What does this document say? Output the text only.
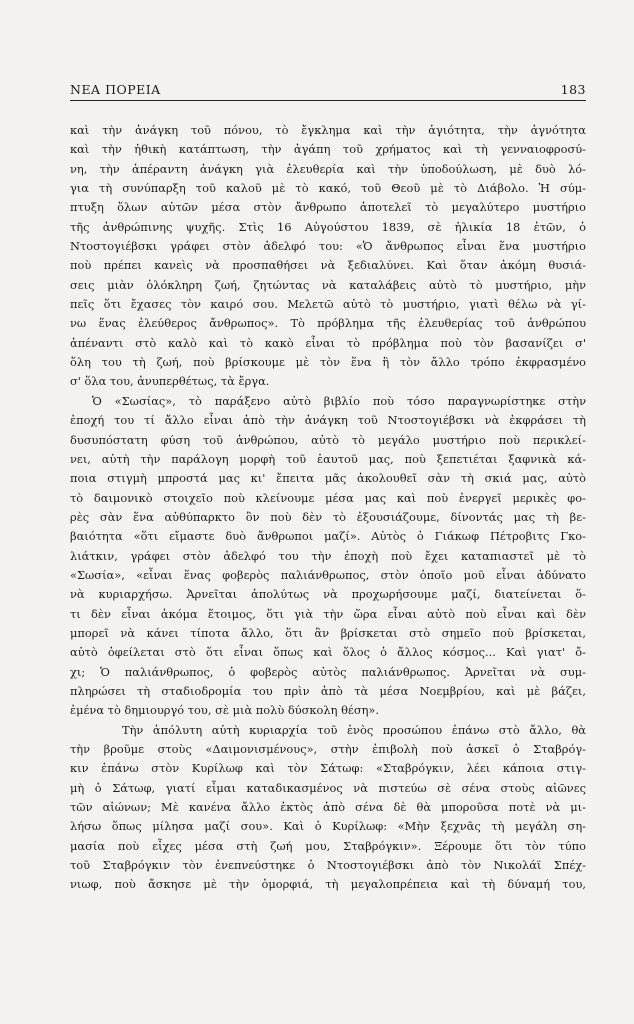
ΝΕΑ ΠΟΡΕΙΑ	183
καὶ τὴν ἀνάγκη τοῦ πόνου, τὸ ἔγκλημα καὶ τὴν ἁγιότητα, τὴν ἀγνότητα
καὶ τὴν ἠθικὴ κατάπτωση, τὴν ἀγάπη τοῦ χρήματος καὶ τὴ γενναιοφροσύ-
νη, τὴν ἀπέραντη ἀνάγκη γιὰ ἐλευθερία καὶ τὴν ὑποδούλωση, μὲ δυὸ λό-
για τὴ συνύπαρξη τοῦ καλοῦ μὲ τὸ κακό, τοῦ Θεοῦ μὲ τὸ Διάβολο. Ἡ σύμ-
πτυξη ὅλων αὐτῶν μέσα στὸν ἄνθρωπο ἀποτελεῖ τὸ μεγαλύτερο μυστήριο
τῆς ἀνθρώπινης ψυχῆς. Στὶς 16 Αὐγούστου 1839, σὲ ἡλικία 18 ἐτῶν, ὁ
Ντοστογιέβσκι γράφει στὸν ἀδελφό του: «Ὁ ἄνθρωπος εἶναι ἕνα μυστήριο
ποὺ πρέπει κανεὶς νὰ προσπαθήσει νὰ ξεδιαλύνει. Καὶ ὅταν ἀκόμη θυσιά-
σεις μιὰν ὁλόκληρη ζωή, ζητώντας νὰ καταλάβεις αὐτὸ τὸ μυστήριο, μὴν
πεῖς ὅτι ἔχασες τὸν καιρό σου. Μελετῶ αὐτὸ τὸ μυστήριο, γιατὶ θέλω νὰ γί-
νω ἕνας ἐλεύθερος ἄνθρωπος». Τὸ πρόβλημα τῆς ἐλευθερίας τοῦ ἀνθρώπου
ἀπέναντι στὸ καλὸ καὶ τὸ κακὸ εἶναι τὸ πρόβλημα ποὺ τὸν βασανίζει σ'
ὅλη του τὴ ζωή, ποὺ βρίσκουμε μὲ τὸν ἕνα ἢ τὸν ἄλλο τρόπο ἐκφρασμένο
σ' ὅλα του, ἀνυπερθέτως, τὰ ἔργα.
Ὁ «Σωσίας», τὸ παράξενο αὐτὸ βιβλίο ποὺ τόσο παραγνωρίστηκε στὴν
ἐποχή του τί ἄλλο εἶναι ἀπὸ τὴν ἀνάγκη τοῦ Ντοστογιέβσκι νὰ ἐκφράσει τὴ
δυσυπόστατη φύση τοῦ ἀνθρώπου, αὐτὸ τὸ μεγάλο μυστήριο ποὺ περικλεί-
νει, αὐτὴ τὴν παράλογη μορφὴ τοῦ ἑαυτοῦ μας, ποὺ ξεπετιέται ξαφνικὰ κά-
ποια στιγμὴ μπροστά μας κι' ἔπειτα μᾶς ἀκολουθεῖ σὰν τὴ σκιά μας, αὐτὸ
τὸ δαιμονικὸ στοιχεῖο ποὺ κλείνουμε μέσα μας καὶ ποὺ ἐνεργεῖ μερικὲς φο-
ρὲς σὰν ἕνα αὐθύπαρκτο ὂν ποὺ δὲν τὸ ἐξουσιάζουμε, δίνοντάς μας τὴ βε-
βαιότητα «ὅτι εἴμαστε δυὸ ἄνθρωποι μαζί». Αὐτὸς ὁ Γιάκωφ Πέτροβιτς Γκο-
λιάτκιν, γράφει στὸν ἀδελφό του τὴν ἐποχὴ ποὺ ἔχει καταπιαστεῖ μὲ τὸ
«Σωσία», «εἶναι ἕνας φοβερὸς παλιάνθρωπος, στὸν ὁποῖο μοῦ εἶναι ἀδύνατο
νὰ κυριαρχήσω. Ἀρνεῖται ἀπολύτως νὰ προχωρήσουμε μαζί, διατείνεται ὅ-
τι δὲν εἶναι ἀκόμα ἕτοιμος, ὅτι γιὰ τὴν ὥρα εἶναι αὐτὸ ποὺ εἶναι καὶ δὲν
μπορεῖ νὰ κάνει τίποτα ἄλλο, ὅτι ἂν βρίσκεται στὸ σημεῖο ποὺ βρίσκεται,
αὐτὸ ὀφείλεται στὸ ὅτι εἶναι ὅπως καὶ ὅλος ὁ ἄλλος κόσμος... Καὶ γιατ' ὄ-
χι; Ὁ παλιάνθρωπος, ὁ φοβερὸς αὐτὸς παλιάνθρωπος. Ἀρνεῖται νὰ συμ-
πληρώσει τὴ σταδιοδρομία του πρὶν ἀπὸ τὰ μέσα Νοεμβρίου, καὶ μὲ βάζει,
ἐμένα τὸ δημιουργό του, σὲ μιὰ πολὺ δύσκολη θέση».
Τὴν ἀπόλυτη αὐτὴ κυριαρχία τοῦ ἑνὸς προσώπου ἐπάνω στὸ ἄλλο, θὰ
τὴν βροῦμε στοὺς «Δαιμονισμένους», στὴν ἐπιβολὴ ποὺ ἀσκεῖ ὁ Σταβρόγ-
κιν ἐπάνω στὸν Κυρίλωφ καὶ τὸν Σάτωφ: «Σταβρόγκιν, λέει κάποια στιγ-
μὴ ὁ Σάτωφ, γιατί εἶμαι καταδικασμένος νὰ πιστεύω σὲ σένα στοὺς αἰῶνες
τῶν αἰώνων; Μὲ κανένα ἄλλο ἐκτὸς ἀπὸ σένα δὲ θὰ μποροῦσα ποτὲ νὰ μι-
λήσω ὅπως μίλησα μαζί σου». Καὶ ὁ Κυρίλωφ: «Μὴν ξεχνᾶς τὴ μεγάλη ση-
μασία ποὺ εἶχες μέσα στὴ ζωή μου, Σταβρόγκιν». Ξέρουμε ὅτι τὸν τύπο
τοῦ Σταβρόγκιν τὸν ἐνεπνεύστηκε ὁ Ντοστογιέβσκι ἀπὸ τὸν Νικολάϊ Σπέχ-
νιωφ, ποὺ ἄσκησε μὲ τὴν ὀμορφιά, τὴ μεγαλοπρέπεια καὶ τὴ δύναμή του,
